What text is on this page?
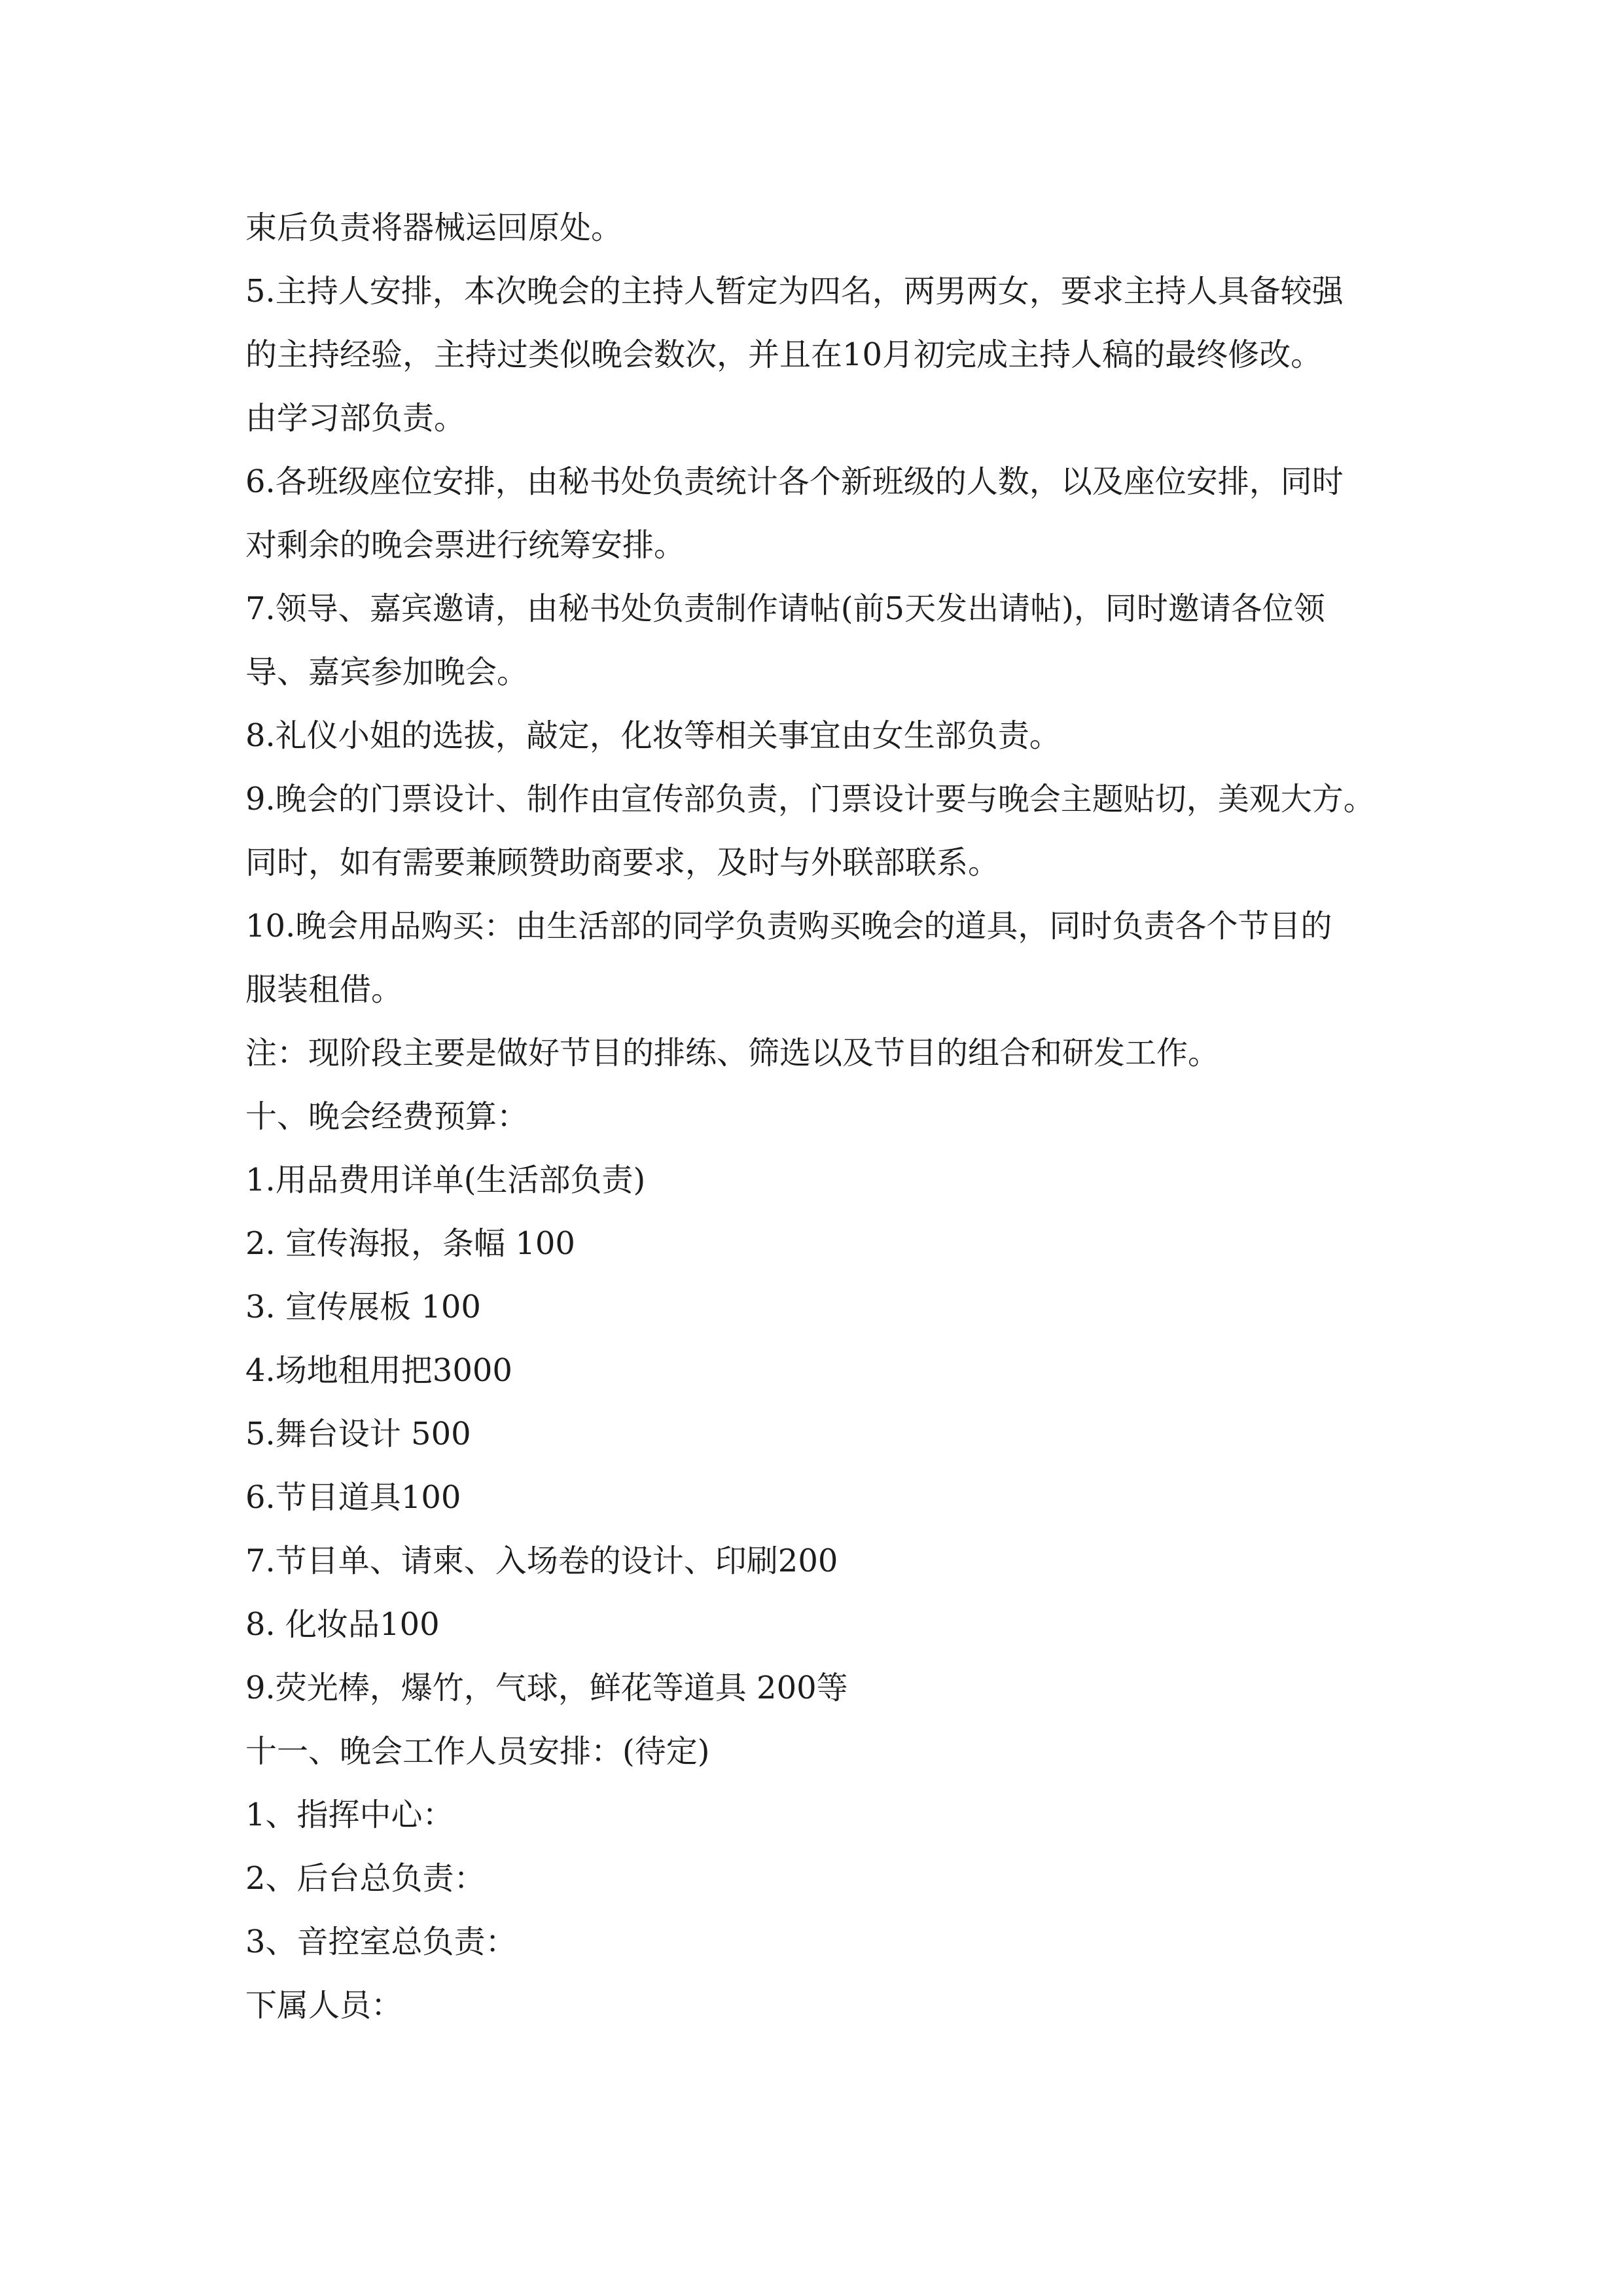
束后负责将器械运回原处。
5.主持人安排，本次晚会的主持人暂定为四名，两男两女，要求主持人具备较强
的主持经验，主持过类似晚会数次，并且在10月初完成主持人稿的最终修改。
由学习部负责。
6.各班级座位安排，由秘书处负责统计各个新班级的人数，以及座位安排，同时
对剩余的晚会票进行统筹安排。
7.领导、嘉宾邀请，由秘书处负责制作请帖(前5天发出请帖)，同时邀请各位领
导、嘉宾参加晚会。
8.礼仪小姐的选拔，敲定，化妆等相关事宜由女生部负责。
9.晚会的门票设计、制作由宣传部负责，门票设计要与晚会主题贴切，美观大方。
同时，如有需要兼顾赞助商要求，及时与外联部联系。
10.晚会用品购买：由生活部的同学负责购买晚会的道具，同时负责各个节目的
服装租借。
注：现阶段主要是做好节目的排练、筛选以及节目的组合和研发工作。
十、晚会经费预算：
1.用品费用详单(生活部负责)
2. 宣传海报，条幅 100
3. 宣传展板 100
4.场地租用把3000
5.舞台设计 500
6.节目道具100
7.节目单、请柬、入场卷的设计、印刷200
8. 化妆品100
9.荧光棒，爆竹，气球，鲜花等道具 200等
十一、晚会工作人员安排：(待定)
1、指挥中心：
2、后台总负责：
3、音控室总负责：
下属人员：
